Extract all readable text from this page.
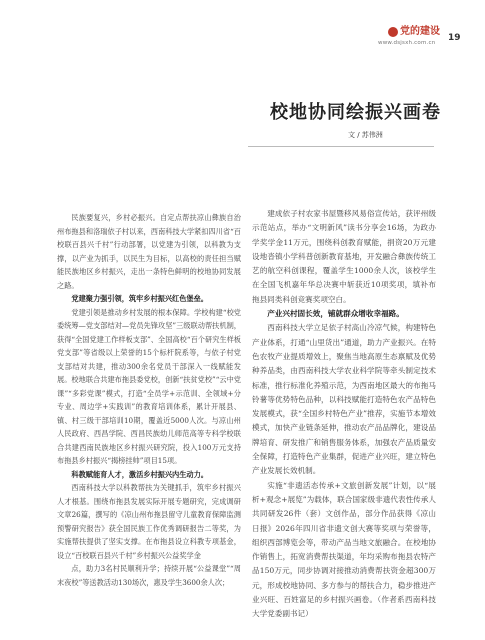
党的建设
www.dsjsxh.com.cn 19
校地协同绘振兴画卷
文 / 苏伟洲

民族要复兴，乡村必振兴。自定点帮扶凉山彝族自治州布拖县和洛瑞依子村以来，西南科技大学紧扣四川省“百校联百县兴千村”行动部署，以党建为引领，以科教为支撑，以产业为抓手，以民生为目标，以高校的责任担当赋能民族地区乡村振兴，走出一条特色鲜明的校地协同发展之路。

党建聚力强引领，筑牢乡村振兴红色堡垒。

党建引领是推动乡村发展的根本保障。学校构建“校党委统筹—党支部结对—党员先锋攻坚”三级联动帮扶机制，获得“全国党建工作样板支部”、全国高校“百个研究生样板党支部”等省级以上荣誉的15个标杆院系等，与依子村党支部结对共建，推动300余名党员干部深入一线赋能发展。校地联合共建布拖县委党校，创新“扶贫党校”“云中党课”“多彩党课”模式，打造“全员学+示范训、全领域+分专业、周边学+实践训”的教育培训体系，累计开展县、镇、村三级干部培训10期，覆盖近5000人次。与凉山州人民政府、西昌学院、西昌民族幼儿师范高等专科学校联合共建西南民族地区乡村振兴研究院，投入100万元支持布拖县乡村振兴“揭榜挂帅”项目15项。

科教赋能育人才，激活乡村振兴内生动力。

西南科技大学以科教帮扶为关键抓手，筑牢乡村振兴人才根基。围绕布拖县发展实际开展专题研究，完成调研文章26篇，撰写的《凉山州布拖县留守儿童教育保障监测预警研究报告》获全国民族工作优秀调研报告二等奖，为实施帮扶提供了坚实支撑。在布拖县设立科教专项基金，设立“百校联百县兴千村”乡村振兴公益奖学金

点，助力3名村民顺利升学；持续开展“公益课堂”“周末夜校”等送教活动130场次，惠及学生3600余人次；

建成依子村农家书屋暨移风易俗宣传站，获评州级示范站点，举办“文明新风”读书分享会16场，为政办学奖学金11万元，围绕科创教育赋能，捐资20万元建设地沓镇小学科普创新教育基地，开发融合彝族传统工艺的航空科创课程，覆盖学生1000余人次，该校学生在全国飞机嘉年华总决赛中斩获近10项奖项，填补布拖县同类科创竞赛奖项空白。

产业兴村固长效，铺就群众增收幸福路。

西南科技大学立足依子村高山冷凉气候，构建特色产业体系，打通“山里货出”通道，助力产业振兴。在特色农牧产业提质增效上，聚焦当地高原生态禀赋及优势种养品类，由西南科技大学农业科学院等牵头制定技术标准，推行标准化养殖示范，为西南地区最大的布拖马铃薯等优势特色品种，以科技赋能打造特色农产品特色发展模式，获“全国乡村特色产业”推荐，实施节本增效模式，加快产业链条延伸，推动农产品品牌化，建设品牌培育、研发推广和销售服务体系，加强农产品质量安全保障，打造特色产业集群，促进产业兴旺，建立特色产业发展长效机制。

实施“非遗活态传承+文旅创新发展”计划，以“展析+观念+展览”为载体，联合国家级非遗代表性传承人共同研发26件（套）文创作品，部分作品获得《凉山日报》2026年四川省非遗文创大赛等奖项与荣誉等，组织西部博览会等，带动产品当地文旅融合。在校地协作销售上，拓宽消费帮扶渠道，年均采购布拖县农特产品150万元，同步协调对接推动消费帮扶资金超300万元，形成校地协同、多方参与的帮扶合力，稳步推进产业兴旺、百姓富足的乡村振兴画卷。（作者系西南科技大学党委副书记）
